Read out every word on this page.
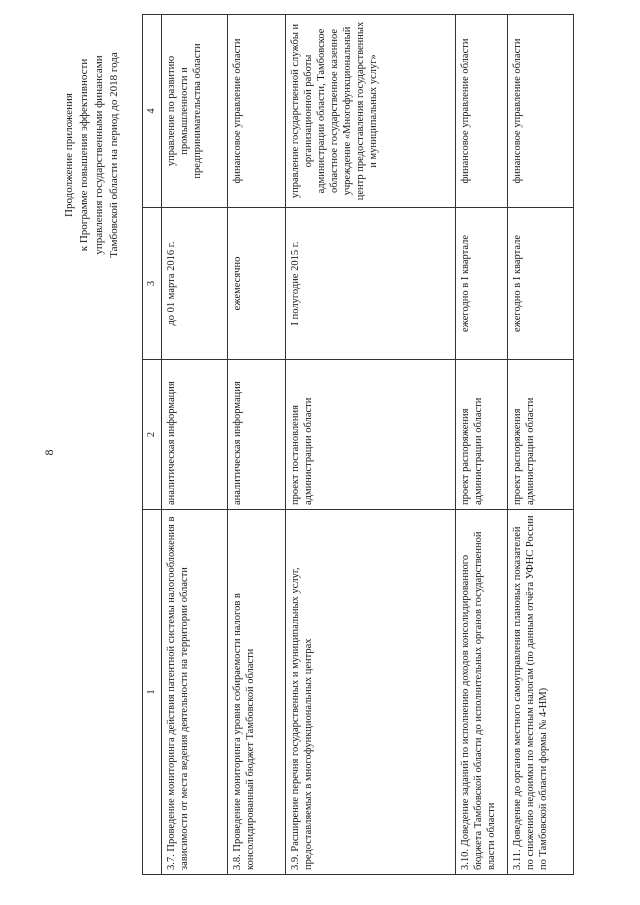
8
Продолжение приложения к Программе повышения эффективности управления государственными финансами Тамбовской области на период до 2018 года
1	2	3	4
3.7. Проведение мониторинга действия патентной системы налогообложения в зависимости от места ведения деятельности на территории области	аналитическая информация	до 01 марта 2016 г.	управление по развитию промышленности и предпринимательства области
3.8. Проведение мониторинга уровня собираемости налогов в консолидированный бюджет Тамбовской области	аналитическая информация	ежемесячно	финансовое управление области
3.9. Расширение перечня государственных и муниципальных услуг, предоставляемых в многофункциональных центрах	проект постановления администрации области	I полугодие 2015 г.	управление государственной службы и организационной работы администрации области, Тамбовское областное государственное казенное учреждение «Многофункциональный центр предоставления государственных и муниципальных услуг»
3.10. Доведение заданий по исполнению доходов консолидированного бюджета Тамбовской области до исполнительных органов государственной власти области	проект распоряжения администрации области	ежегодно в I квартале	финансовое управление области
3.11. Доведение до органов местного самоуправления плановых показателей по снижению недоимки по местным налогам (по данным отчёта УФНС России по Тамбовской области формы № 4-НМ)	проект распоряжения администрации области	ежегодно в I квартале	финансовое управление области
